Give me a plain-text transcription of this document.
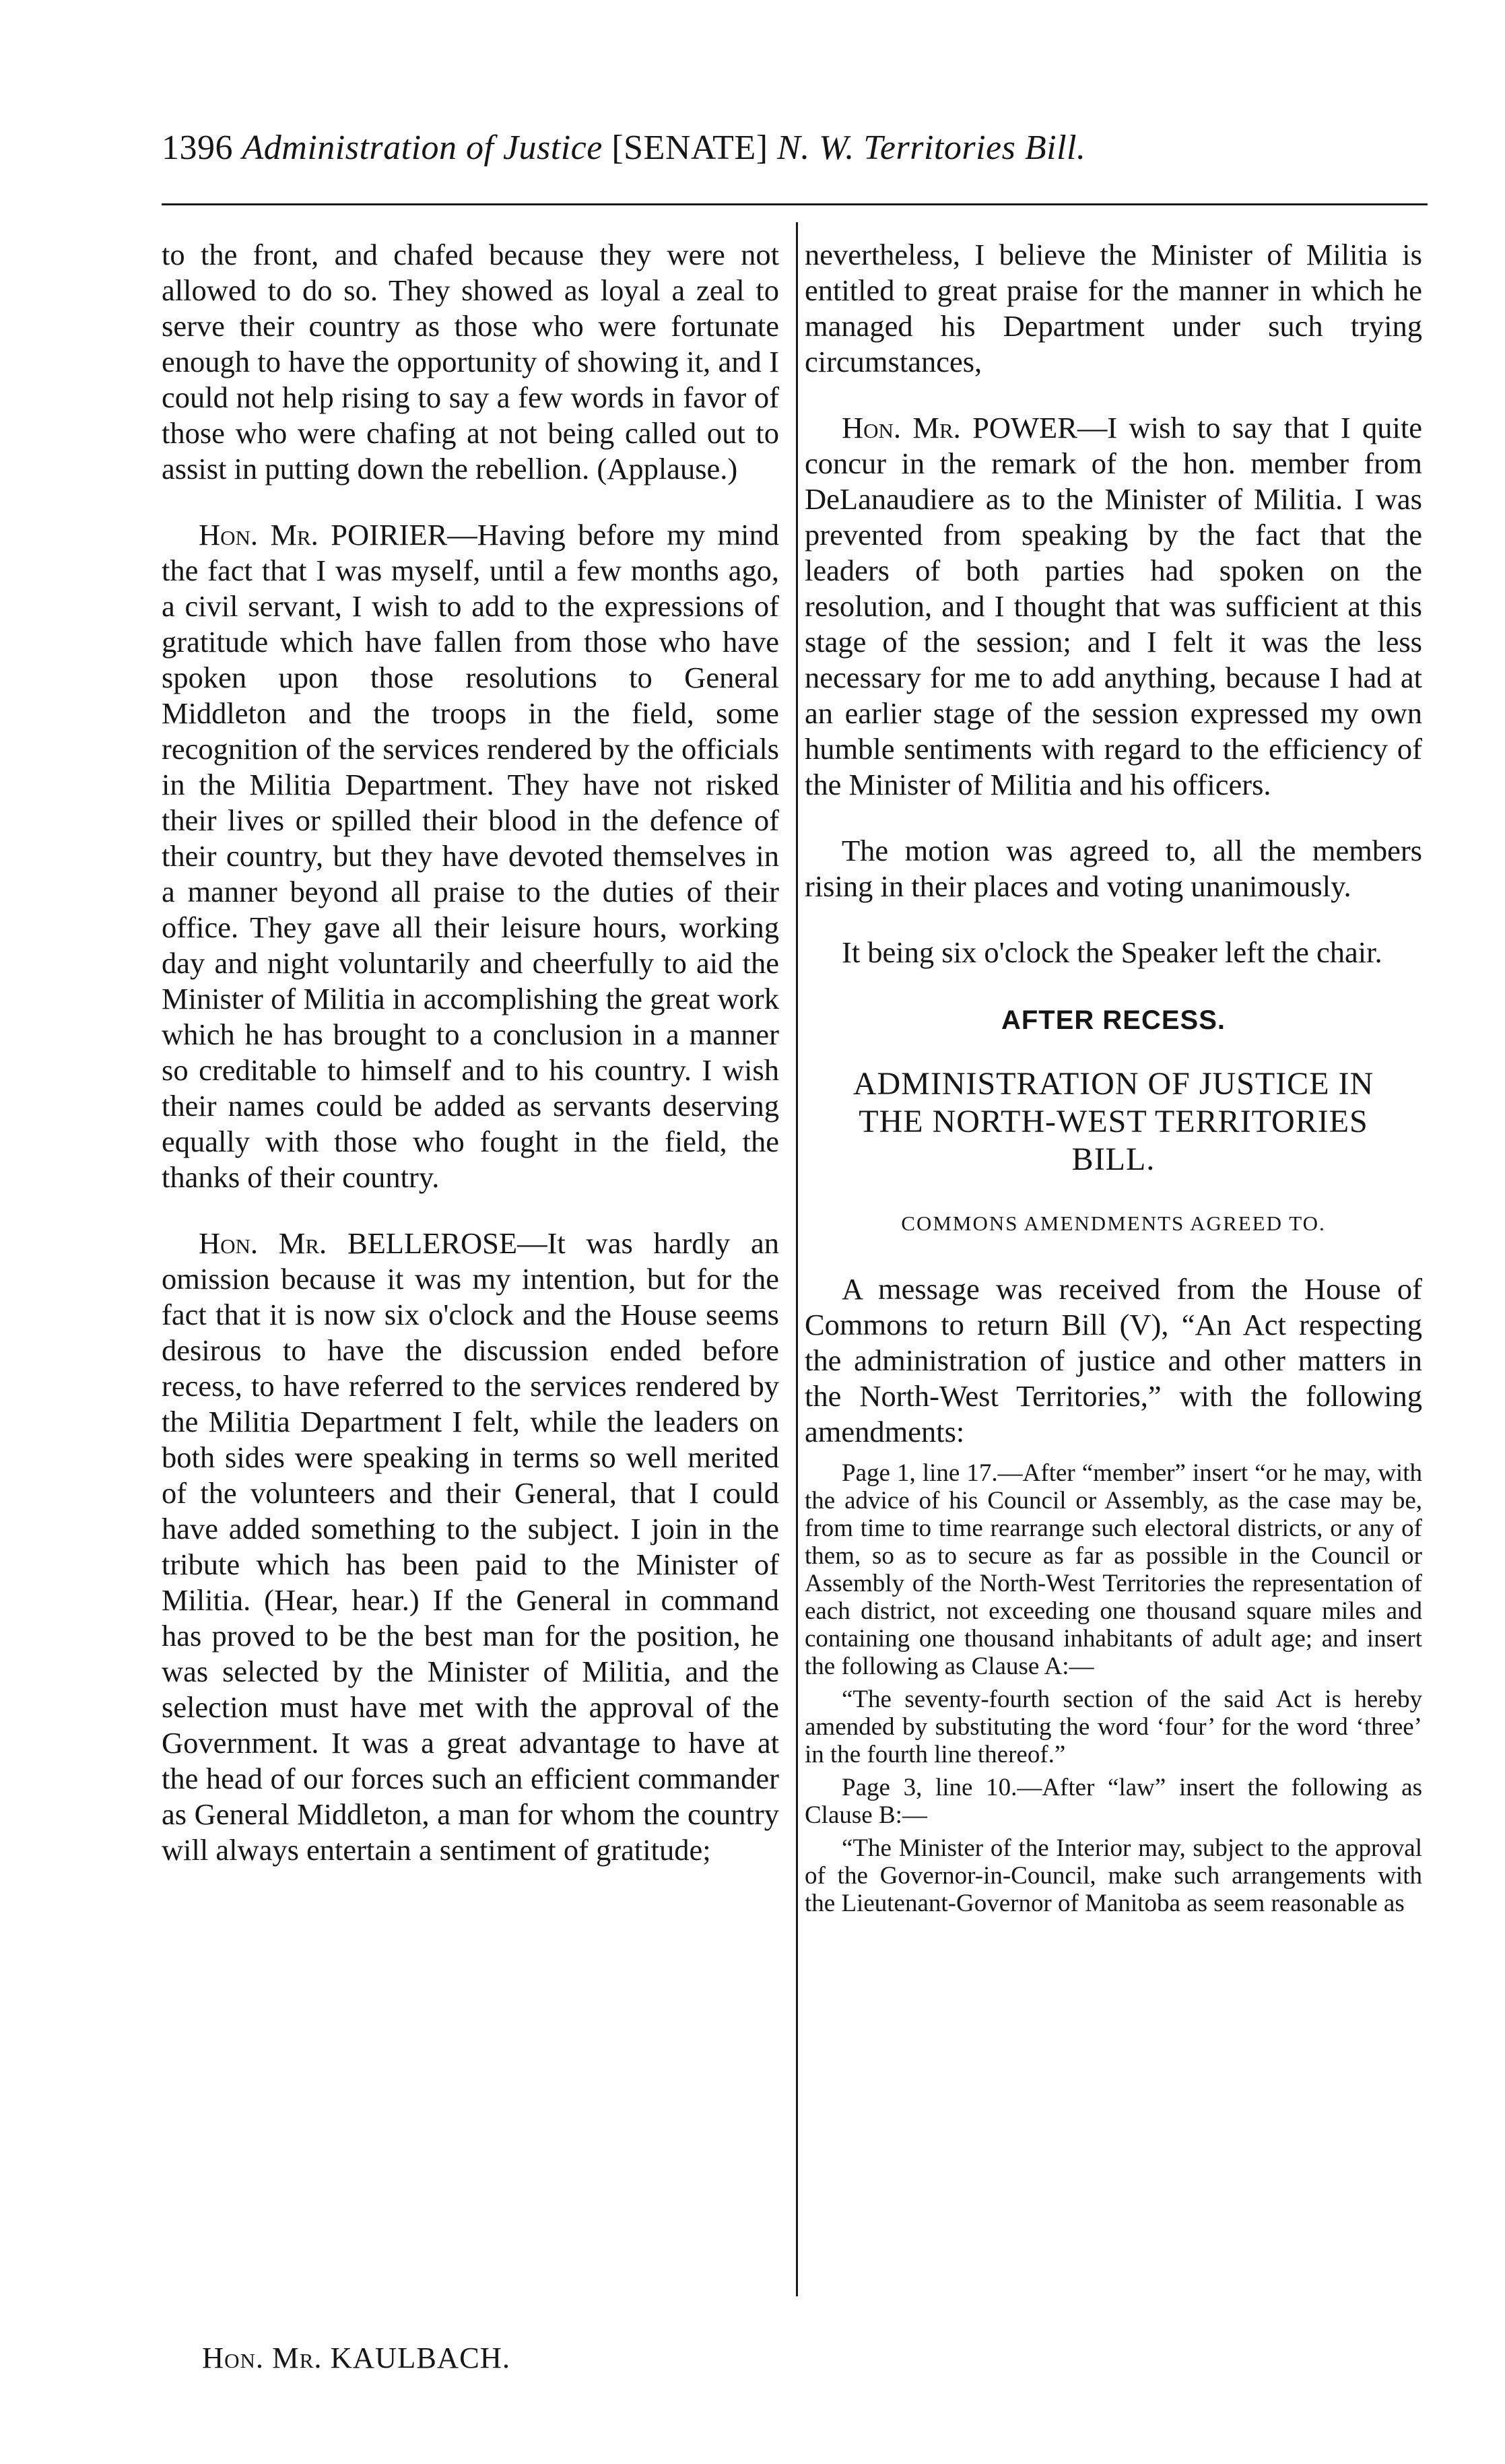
1396 Administration of Justice [SENATE] N. W. Territories Bill.

to the front, and chafed because they were not allowed to do so. They showed as loyal a zeal to serve their country as those who were fortunate enough to have the opportunity of showing it, and I could not help rising to say a few words in favor of those who were chafing at not being called out to assist in putting down the rebellion. (Applause.)

Hon. Mr. POIRIER—Having before my mind the fact that I was myself, until a few months ago, a civil servant, I wish to add to the expressions of gratitude which have fallen from those who have spoken upon those resolutions to General Middleton and the troops in the field, some recognition of the services rendered by the officials in the Militia Department. They have not risked their lives or spilled their blood in the defence of their country, but they have devoted themselves in a manner beyond all praise to the duties of their office. They gave all their leisure hours, working day and night voluntarily and cheerfully to aid the Minister of Militia in accomplishing the great work which he has brought to a conclusion in a manner so creditable to himself and to his country. I wish their names could be added as servants deserving equally with those who fought in the field, the thanks of their country.

Hon. Mr. BELLEROSE—It was hardly an omission because it was my intention, but for the fact that it is now six o'clock and the House seems desirous to have the discussion ended before recess, to have referred to the services rendered by the Militia Department I felt, while the leaders on both sides were speaking in terms so well merited of the volunteers and their General, that I could have added something to the subject. I join in the tribute which has been paid to the Minister of Militia. (Hear, hear.) If the General in command has proved to be the best man for the position, he was selected by the Minister of Militia, and the selection must have met with the approval of the Government. It was a great advantage to have at the head of our forces such an efficient commander as General Middleton, a man for whom the country will always entertain a sentiment of gratitude;

nevertheless, I believe the Minister of Militia is entitled to great praise for the manner in which he managed his Department under such trying circumstances,

Hon. Mr. POWER—I wish to say that I quite concur in the remark of the hon. member from DeLanaudiere as to the Minister of Militia. I was prevented from speaking by the fact that the leaders of both parties had spoken on the resolution, and I thought that was sufficient at this stage of the session; and I felt it was the less necessary for me to add anything, because I had at an earlier stage of the session expressed my own humble sentiments with regard to the efficiency of the Minister of Militia and his officers.

The motion was agreed to, all the members rising in their places and voting unanimously.

It being six o'clock the Speaker left the chair.

AFTER RECESS.

ADMINISTRATION OF JUSTICE IN THE NORTH-WEST TERRITORIES BILL.

COMMONS AMENDMENTS AGREED TO.

A message was received from the House of Commons to return Bill (V), “An Act respecting the administration of justice and other matters in the North-West Territories,” with the following amendments:

Page 1, line 17.—After “member” insert “or he may, with the advice of his Council or Assembly, as the case may be, from time to time rearrange such electoral districts, or any of them, so as to secure as far as possible in the Council or Assembly of the North-West Territories the representation of each district, not exceeding one thousand square miles and containing one thousand inhabitants of adult age; and insert the following as Clause A:—

“The seventy-fourth section of the said Act is hereby amended by substituting the word ‘four’ for the word ‘three’ in the fourth line thereof.”

Page 3, line 10.—After “law” insert the following as Clause B:—

“The Minister of the Interior may, subject to the approval of the Governor-in-Council, make such arrangements with the Lieutenant-Governor of Manitoba as seem reasonable as

Hon. Mr. KAULBACH.
